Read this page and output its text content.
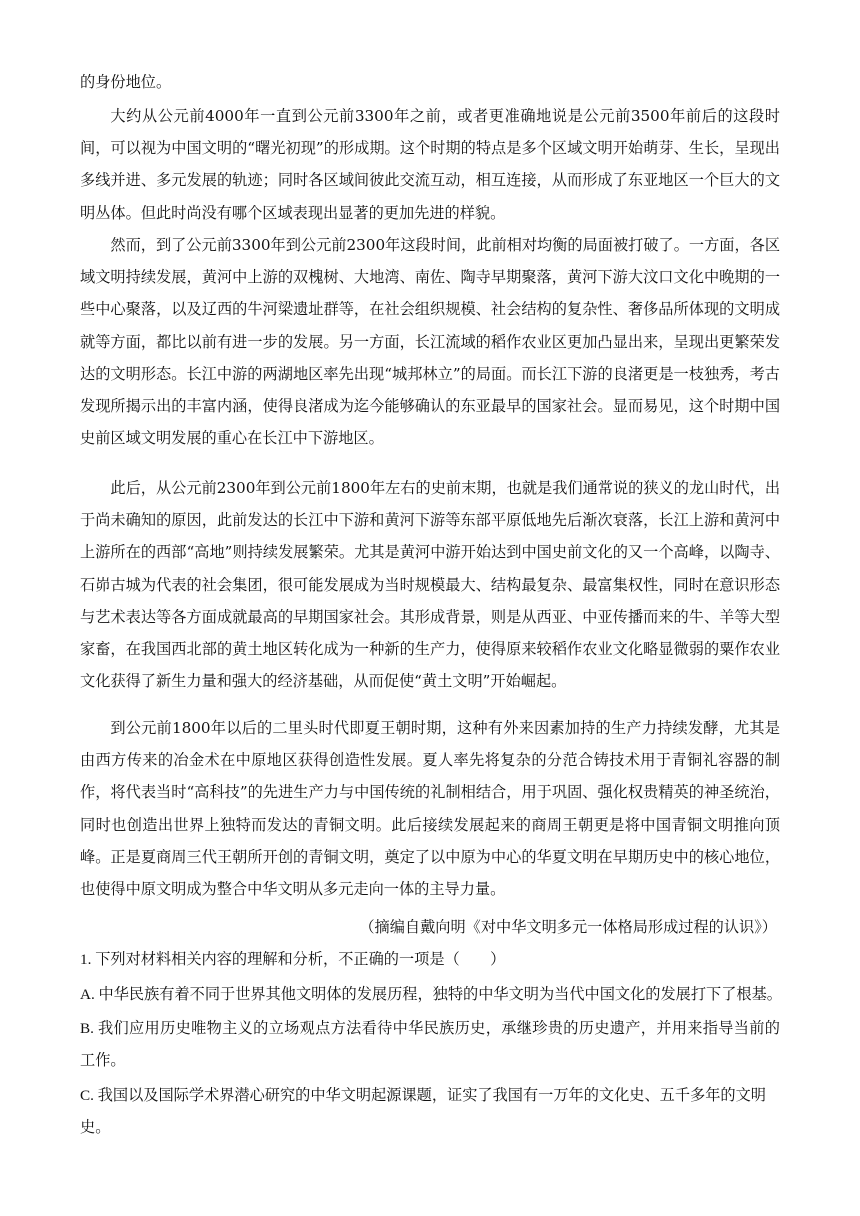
的身份地位。

大约从公元前4000年一直到公元前3300年之前，或者更准确地说是公元前3500年前后的这段时间，可以视为中国文明的“曙光初现”的形成期。这个时期的特点是多个区域文明开始萌芽、生长，呈现出多线并进、多元发展的轨迹；同时各区域间彼此交流互动，相互连接，从而形成了东亚地区一个巨大的文明丛体。但此时尚没有哪个区域表现出显著的更加先进的样貌。

然而，到了公元前3300年到公元前2300年这段时间，此前相对均衡的局面被打破了。一方面，各区域文明持续发展，黄河中上游的双槐树、大地湾、南佐、陶寺早期聚落，黄河下游大汶口文化中晚期的一些中心聚落，以及辽西的牛河梁遗址群等，在社会组织规模、社会结构的复杂性、奢侈品所体现的文明成就等方面，都比以前有进一步的发展。另一方面，长江流域的稻作农业区更加凸显出来，呈现出更繁荣发达的文明形态。长江中游的两湖地区率先出现“城邦林立”的局面。而长江下游的良渚更是一枝独秀，考古发现所揭示出的丰富内涵，使得良渚成为迄今能够确认的东亚最早的国家社会。显而易见，这个时期中国史前区域文明发展的重心在长江中下游地区。

此后，从公元前2300年到公元前1800年左右的史前末期，也就是我们通常说的狭义的龙山时代，出于尚未确知的原因，此前发达的长江中下游和黄河下游等东部平原低地先后渐次衰落，长江上游和黄河中上游所在的西部“高地”则持续发展繁荣。尤其是黄河中游开始达到中国史前文化的又一个高峰，以陶寺、石峁古城为代表的社会集团，很可能发展成为当时规模最大、结构最复杂、最富集权性，同时在意识形态与艺术表达等各方面成就最高的早期国家社会。其形成背景，则是从西亚、中亚传播而来的牛、羊等大型家畜，在我国西北部的黄土地区转化成为一种新的生产力，使得原来较稻作农业文化略显微弱的粟作农业文化获得了新生力量和强大的经济基础，从而促使“黄土文明”开始崛起。

到公元前1800年以后的二里头时代即夏王朝时期，这种有外来因素加持的生产力持续发酵，尤其是由西方传来的冶金术在中原地区获得创造性发展。夏人率先将复杂的分范合铸技术用于青铜礼容器的制作，将代表当时“高科技”的先进生产力与中国传统的礼制相结合，用于巩固、强化权贵精英的神圣统治，同时也创造出世界上独特而发达的青铜文明。此后接续发展起来的商周王朝更是将中国青铜文明推向顶峰。正是夏商周三代王朝所开创的青铜文明，奠定了以中原为中心的华夏文明在早期历史中的核心地位，也使得中原文明成为整合中华文明从多元走向一体的主导力量。

（摘编自戴向明《对中华文明多元一体格局形成过程的认识》）
1. 下列对材料相关内容的理解和分析，不正确的一项是（　　）
A. 中华民族有着不同于世界其他文明体的发展历程，独特的中华文明为当代中国文化的发展打下了根基。
B. 我们应用历史唯物主义的立场观点方法看待中华民族历史，承继珍贵的历史遗产，并用来指导当前的工作。
C. 我国以及国际学术界潜心研究的中华文明起源课题，证实了我国有一万年的文化史、五千多年的文明史。
